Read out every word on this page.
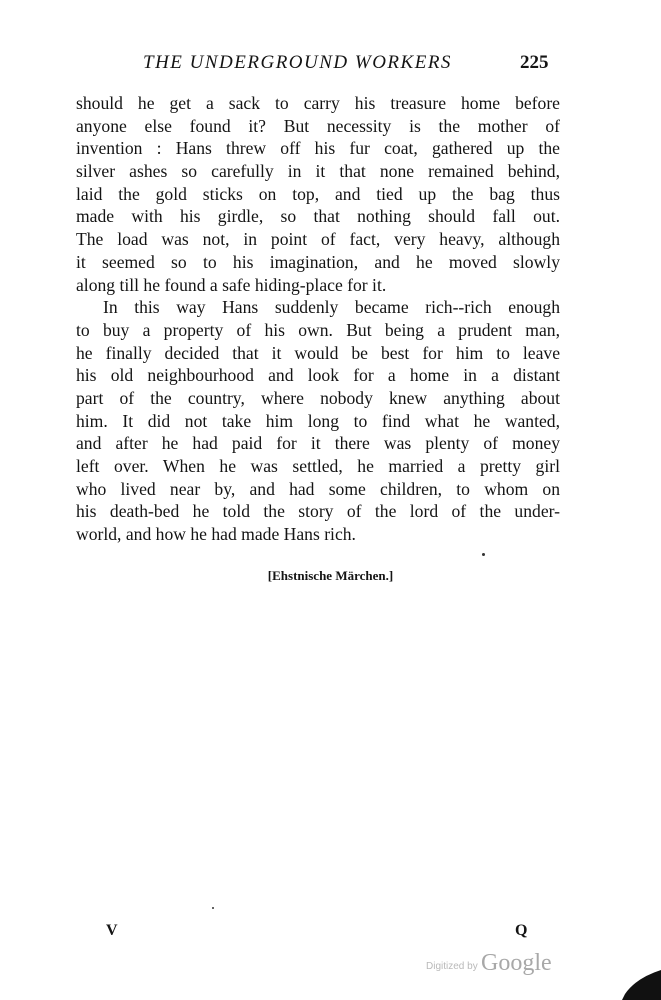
THE UNDERGROUND WORKERS	225
should he get a sack to carry his treasure home before
anyone else found it? But necessity is the mother of
invention : Hans threw off his fur coat, gathered up the
silver ashes so carefully in it that none remained behind,
laid the gold sticks on top, and tied up the bag thus
made with his girdle, so that nothing should fall out.
The load was not, in point of fact, very heavy, although
it seemed so to his imagination, and he moved slowly
along till he found a safe hiding-place for it.
In this way Hans suddenly became rich--rich enough
to buy a property of his own. But being a prudent man,
he finally decided that it would be best for him to leave
his old neighbourhood and look for a home in a distant
part of the country, where nobody knew anything about
him. It did not take him long to find what he wanted,
and after he had paid for it there was plenty of money
left over. When he was settled, he married a pretty girl
who lived near by, and had some children, to whom on
his death-bed he told the story of the lord of the under-
world, and how he had made Hans rich.
[Ehstnische Märchen.]
V	Q
Digitized by Google
